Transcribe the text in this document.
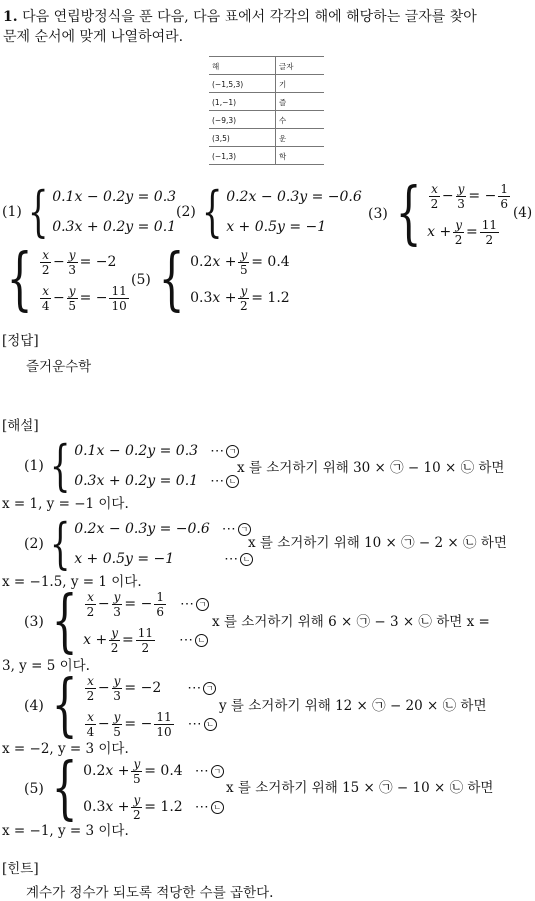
1. 다음 연립방정식을 푼 다음, 다음 표에서 각각의 해에 해당하는 글자를 찾아
문제 순서에 맞게 나열하여라.
해	글자
(−1,5,3)	기
(1,−1)	즐
(−9,3)	수
(3,5)	운
(−1,3)	학
(1) { 0.1x − 0.2y = 0.3
0.3x + 0.2y = 0.1
(2) { 0.2x − 0.3y = −0.6
x + 0.5y = −1
(3) { x
$2 - \frac{y}{3}$ = − $\frac{1}{6}$
$x + \frac{y}{2} = \frac{11}{2}$
(4)
{ x
$2 - \frac{y}{3} = -2$
x
$4 - \frac{y}{5}$ = − $\frac{11}{10}$
(5) { 0.2 $x + \frac{y}{5} = 0.4$
0.3 $x + \frac{y}{2} = 1.2$
[정답]
즐거운수학
[해설]
(1) { 0.1x − 0.2y = 0.3 ⋯ ㄱ
0.3x + 0.2y = 0.1 ⋯ ㄴ
x 를 소거하기 위해 30 × ㉠ − 10 × ㉡ 하면
x = 1, y = −1 이다.
(2) { 0.2x − 0.3y = −0.6 ⋯ ㄱ
x + 0.5y = −1	⋯ ㄴ
x 를 소거하기 위해 10 × ㉠ − 2 × ㉡ 하면
x = −1.5, y = 1 이다.
(3) { x
$2 - \frac{y}{3}$ = − $\frac{1}{6}$ ⋯ ㄱ
$x + \frac{y}{2} = \frac{11}{2}$ ⋯ ㄴ
x 를 소거하기 위해 6 × ㉠ − 3 × ㉡ 하면 x =
3, y = 5 이다.
(4) { x
$2 - \frac{y}{3} = -2$ ⋯ ㄱ
x
$4 - \frac{y}{5}$ = − $\frac{11}{10}$ ⋯ ㄴ
y 를 소거하기 위해 12 × ㉠ − 20 × ㉡ 하면
x = −2, y = 3 이다.
(5) { 0.2 $x + \frac{y}{5} = 0.4$ ⋯ ㄱ
0.3 $x + \frac{y}{2} = 1.2$ ⋯ ㄴ
x 를 소거하기 위해 15 × ㉠ − 10 × ㉡ 하면
x = −1, y = 3 이다.
[힌트]
계수가 정수가 되도록 적당한 수를 곱한다.
